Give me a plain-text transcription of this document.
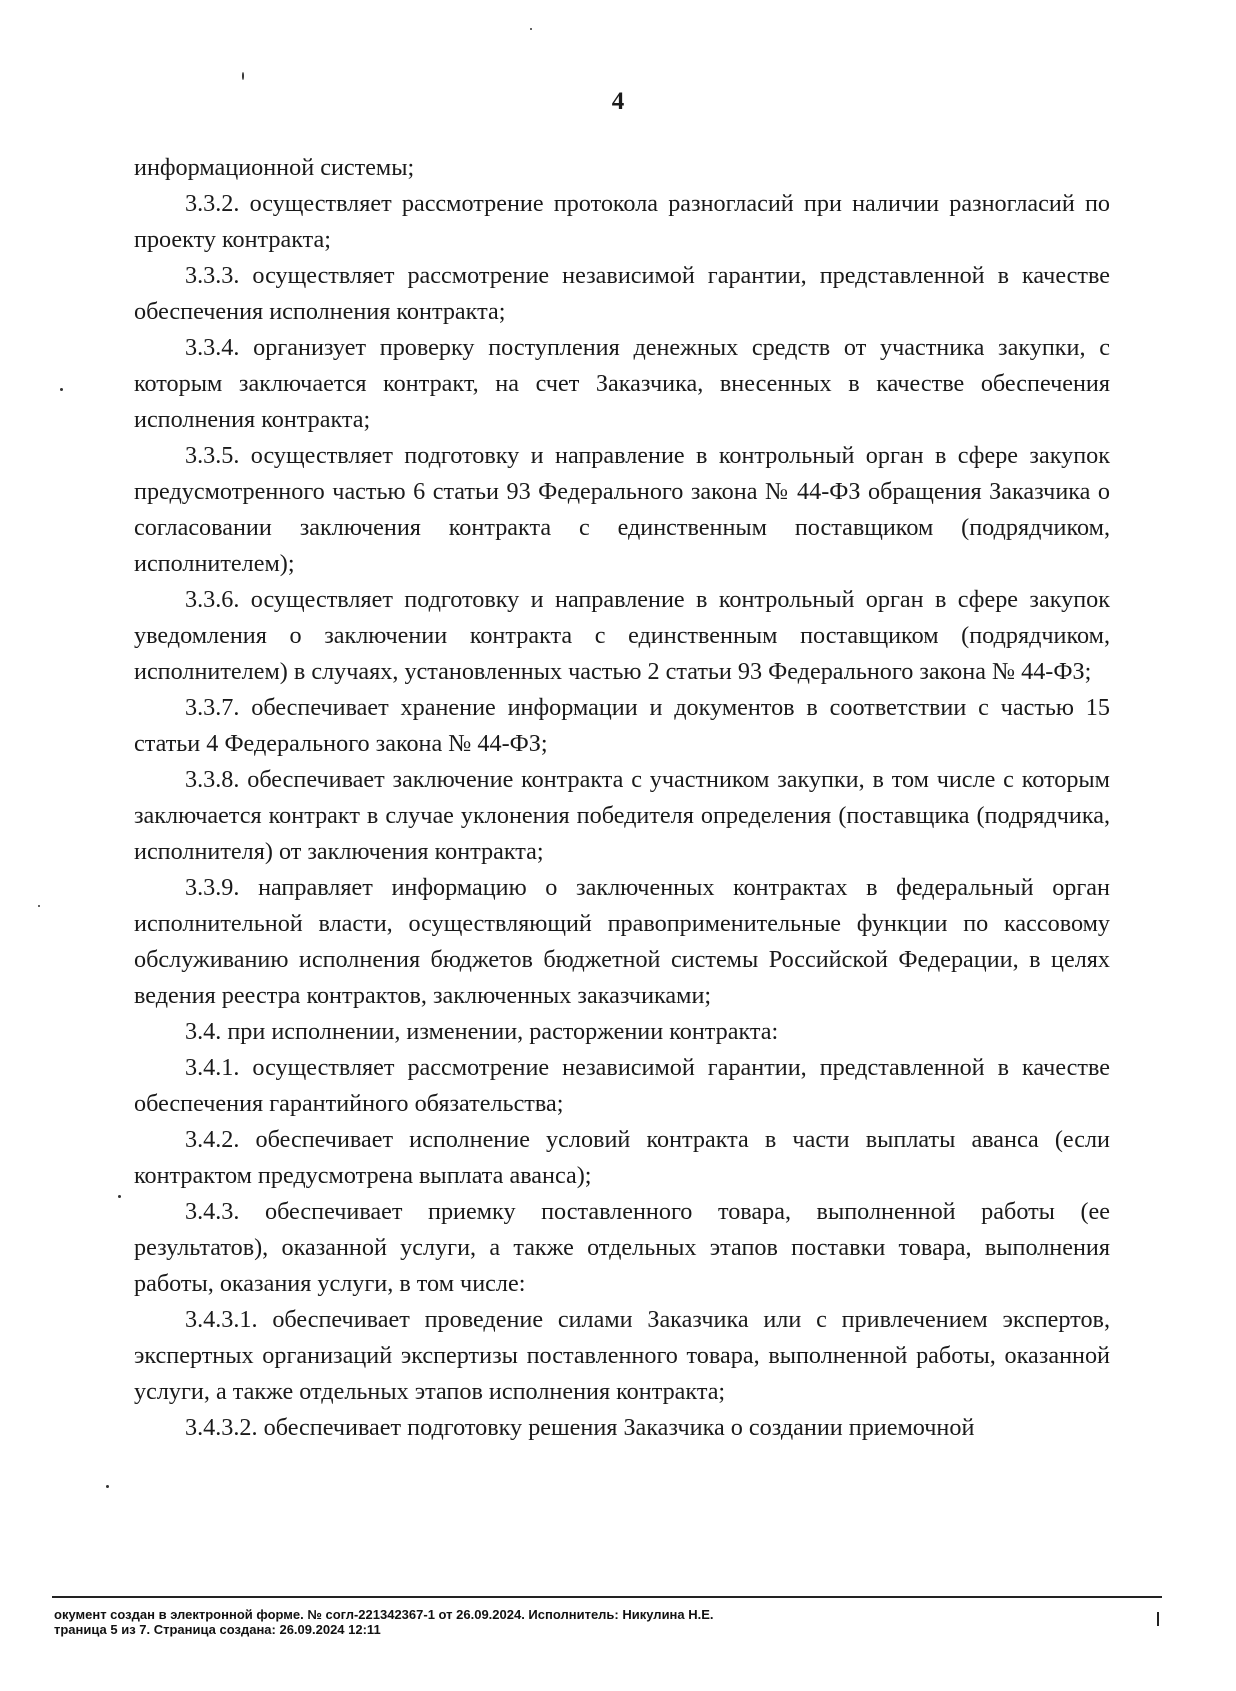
4

информационной системы;

3.3.2. осуществляет рассмотрение протокола разногласий при наличии разногласий по проекту контракта;

3.3.3. осуществляет рассмотрение независимой гарантии, представленной в качестве обеспечения исполнения контракта;

3.3.4. организует проверку поступления денежных средств от участника закупки, с которым заключается контракт, на счет Заказчика, внесенных в качестве обеспечения исполнения контракта;

3.3.5. осуществляет подготовку и направление в контрольный орган в сфере закупок предусмотренного частью 6 статьи 93 Федерального закона № 44-ФЗ обращения Заказчика о согласовании заключения контракта с единственным поставщиком (подрядчиком, исполнителем);

3.3.6. осуществляет подготовку и направление в контрольный орган в сфере закупок уведомления о заключении контракта с единственным поставщиком (подрядчиком, исполнителем) в случаях, установленных частью 2 статьи 93 Федерального закона № 44-ФЗ;

3.3.7. обеспечивает хранение информации и документов в соответствии с частью 15 статьи 4 Федерального закона № 44-ФЗ;

3.3.8. обеспечивает заключение контракта с участником закупки, в том числе с которым заключается контракт в случае уклонения победителя определения (поставщика (подрядчика, исполнителя) от заключения контракта;

3.3.9. направляет информацию о заключенных контрактах в федеральный орган исполнительной власти, осуществляющий правоприменительные функции по кассовому обслуживанию исполнения бюджетов бюджетной системы Российской Федерации, в целях ведения реестра контрактов, заключенных заказчиками;

3.4. при исполнении, изменении, расторжении контракта:

3.4.1. осуществляет рассмотрение независимой гарантии, представленной в качестве обеспечения гарантийного обязательства;

3.4.2. обеспечивает исполнение условий контракта в части выплаты аванса (если контрактом предусмотрена выплата аванса);

3.4.3. обеспечивает приемку поставленного товара, выполненной работы (ее результатов), оказанной услуги, а также отдельных этапов поставки товара, выполнения работы, оказания услуги, в том числе:

3.4.3.1. обеспечивает проведение силами Заказчика или с привлечением экспертов, экспертных организаций экспертизы поставленного товара, выполненной работы, оказанной услуги, а также отдельных этапов исполнения контракта;

3.4.3.2. обеспечивает подготовку решения Заказчика о создании приемочной

окумент создан в электронной форме. № согл-221342367-1 от 26.09.2024. Исполнитель: Никулина Н.Е.
траница 5 из 7. Страница создана: 26.09.2024 12:11
